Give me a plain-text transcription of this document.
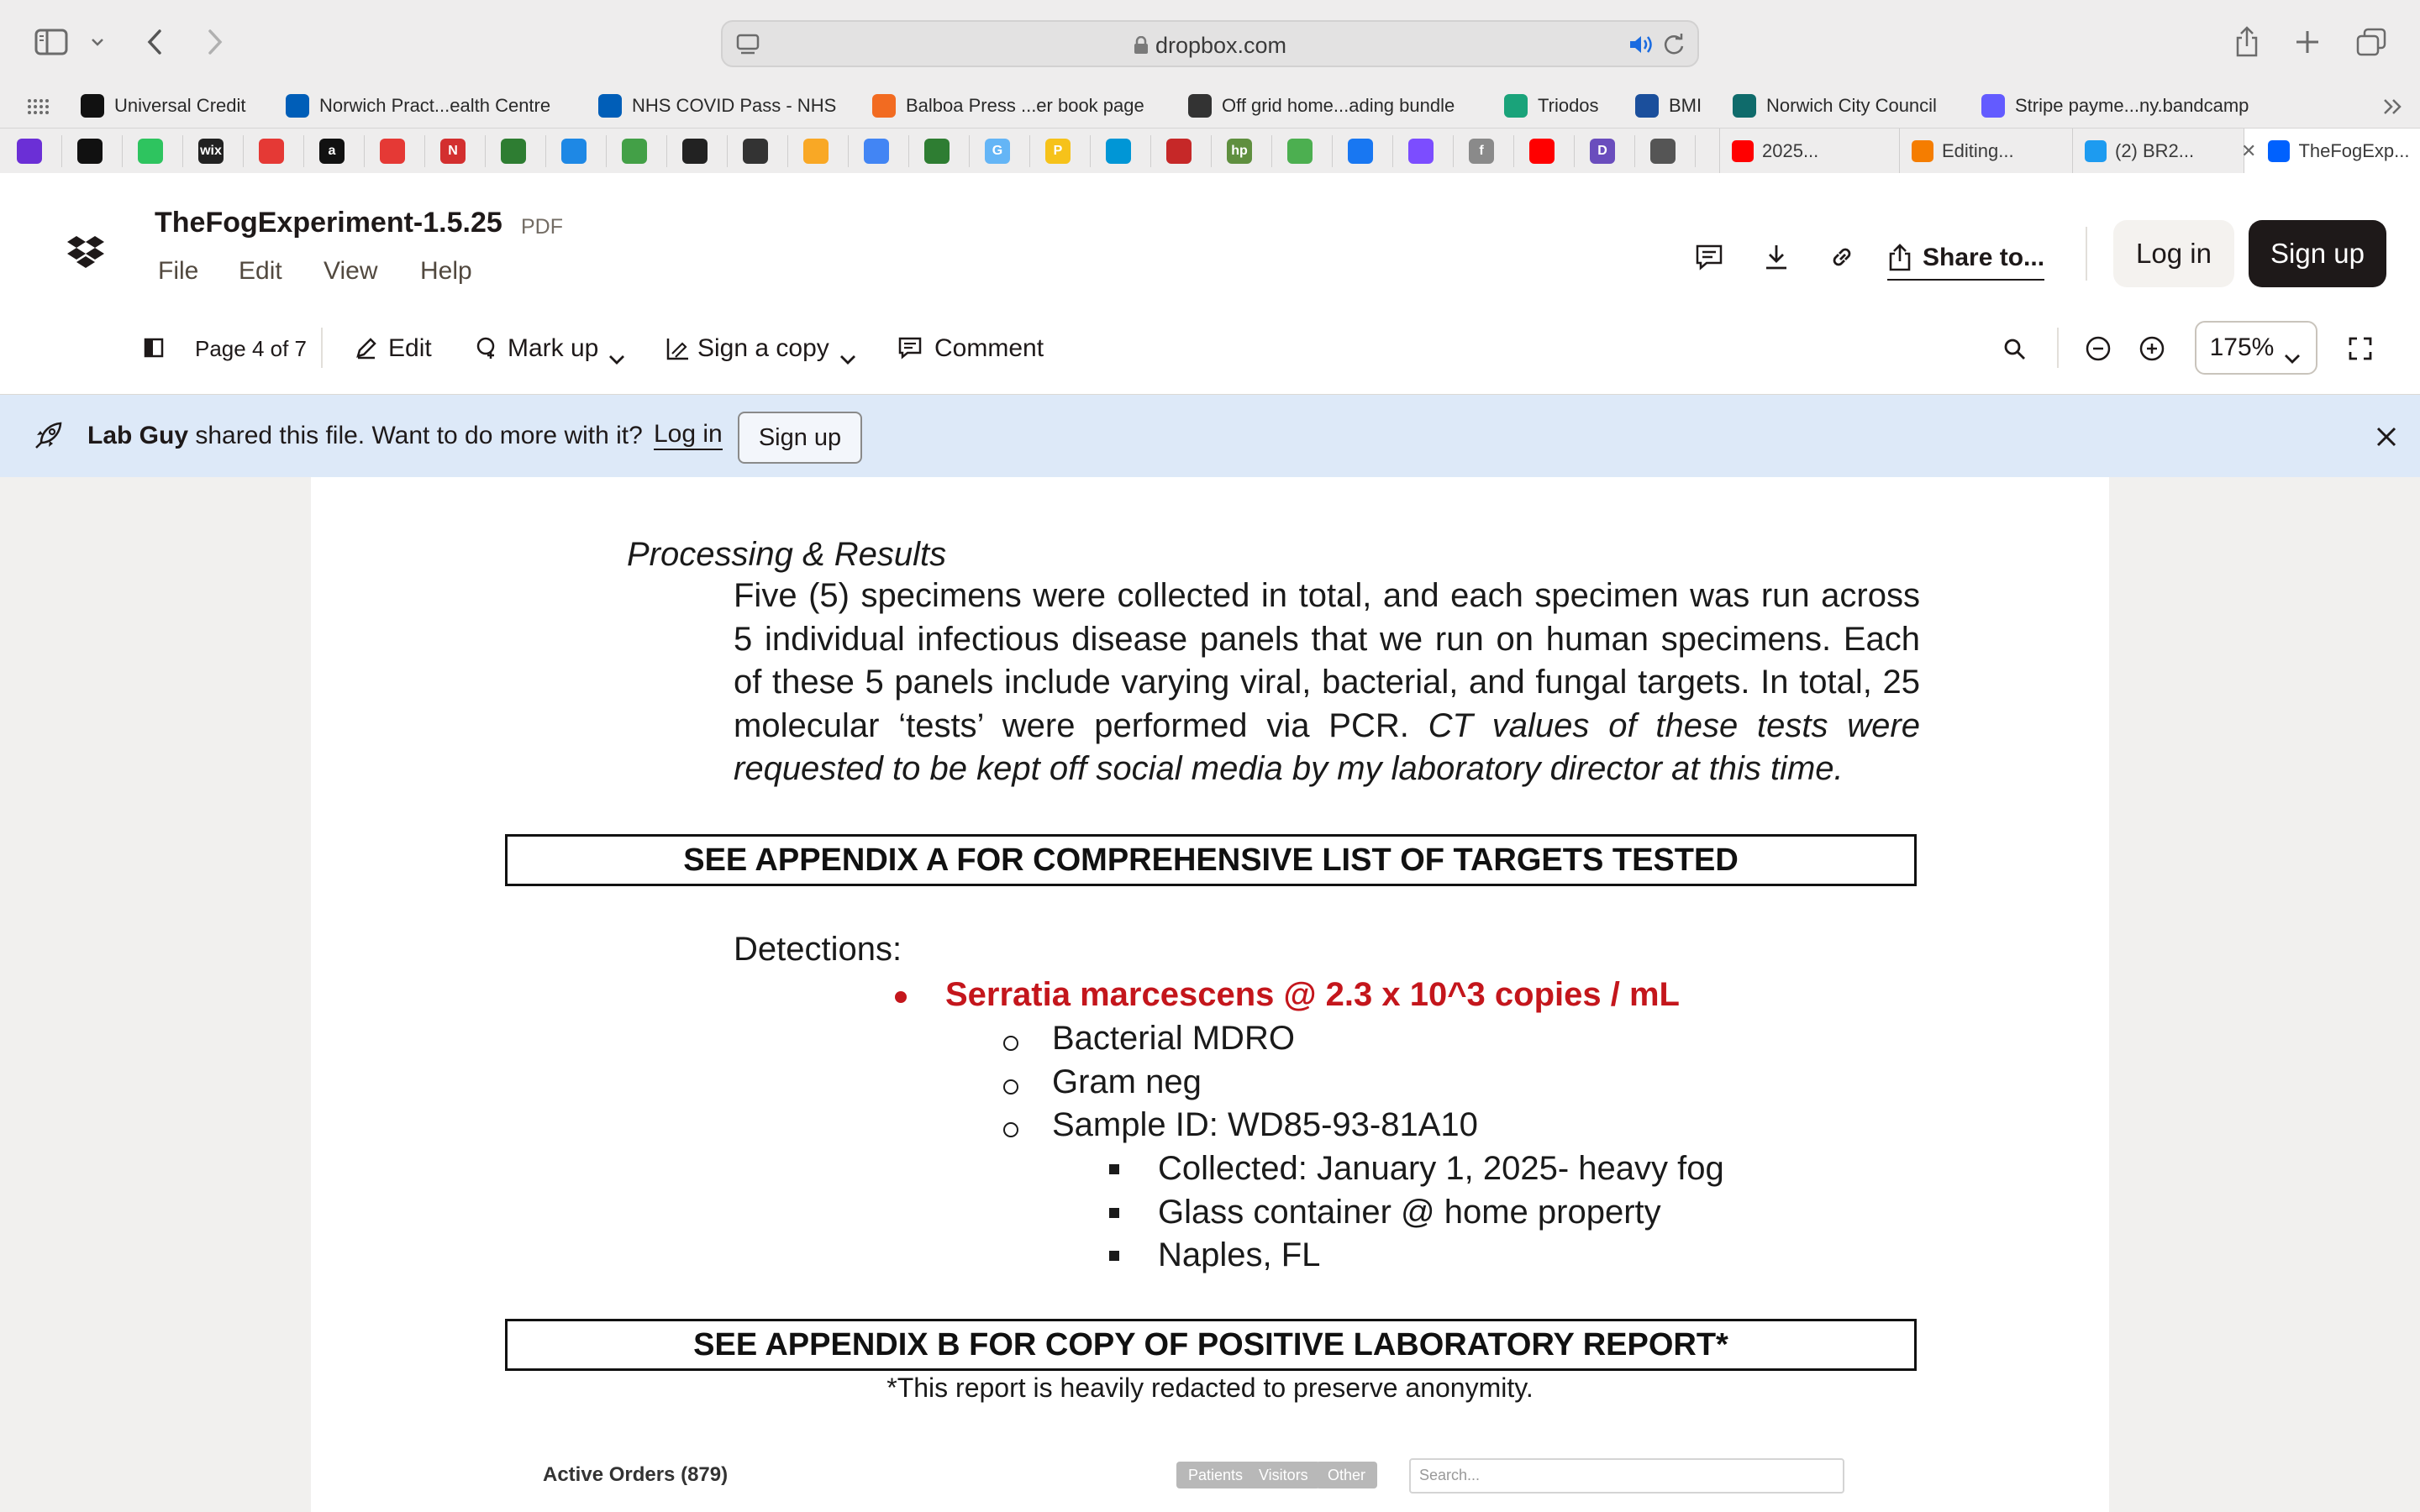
dropbox.com
Universal Credit	Norwich Pract...ealth Centre	NHS COVID Pass - NHS	Balboa Press ...er book page	Off grid home...ading bundle	Triodos	BMI	Norwich City Council	Stripe payme...ny.bandcamp
wix	a	N	G	P	hp	f	D	2025...	Editing...	(2) BR2...	✕ TheFogExp...
TheFogExperiment-1.5.25 PDF
File Edit View Help	Share to...	Log in	Sign up
Page 4 of 7	Edit	Mark up	Sign a copy	Comment	175%
Lab Guy shared this file. Want to do more with it? Log in	Sign up
Processing & Results
Five (5) specimens were collected in total, and each specimen was run across 5 individual infectious disease panels that we run on human specimens. Each of these 5 panels include varying viral, bacterial, and fungal targets. In total, 25 molecular ‘tests’ were performed via PCR. CT values of these tests were requested to be kept off social media by my laboratory director at this time.
SEE APPENDIX A FOR COMPREHENSIVE LIST OF TARGETS TESTED
Detections:
Serratia marcescens @ 2.3 x 10^3 copies / mL
Bacterial MDRO
Gram neg
Sample ID: WD85-93-81A10
Collected: January 1, 2025- heavy fog
Glass container @ home property
Naples, FL
SEE APPENDIX B FOR COPY OF POSITIVE LABORATORY REPORT*
*This report is heavily redacted to preserve anonymity.
Active Orders (879)	Patients	Visitors	Other	Search...
